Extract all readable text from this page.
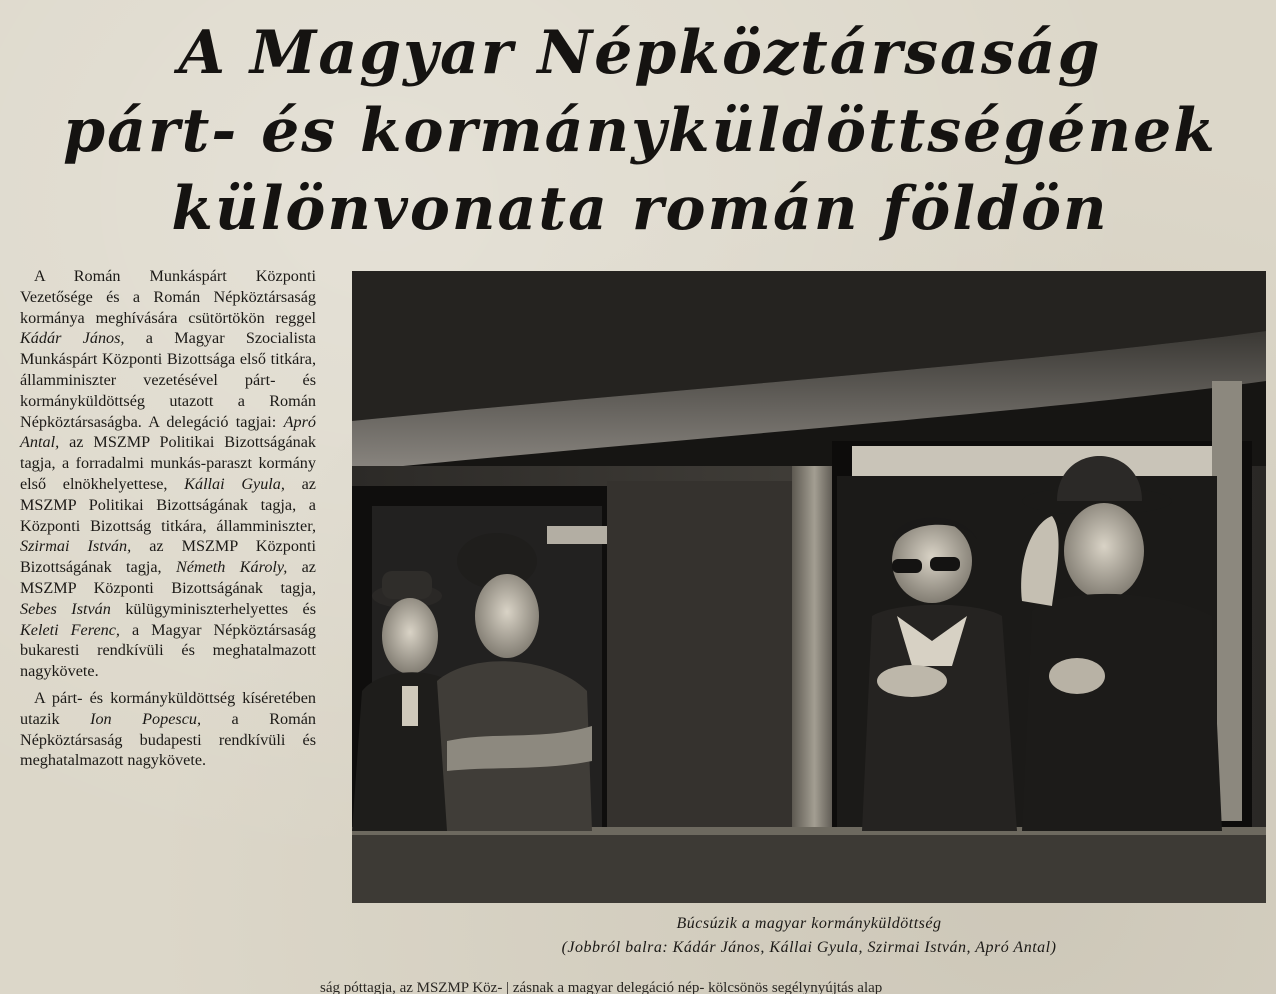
A Magyar Népköztársaság
párt- és kormányküldöttségének
különvonata román földön

A Román Munkáspárt Központi Vezetősége és a Román Népköztársaság kormánya meghívására csütörtökön reggel Kádár János, a Magyar Szocialista Munkáspárt Központi Bizottsága első titkára, államminiszter vezetésével párt- és kormányküldöttség utazott a Román Népköztársaságba. A delegáció tagjai: Apró Antal, az MSZMP Politikai Bizottságának tagja, a forradalmi munkás-paraszt kormány első elnökhelyettese, Kállai Gyula, az MSZMP Politikai Bizottságának tagja, a Központi Bizottság titkára, államminiszter, Szirmai István, az MSZMP Központi Bizottságának tagja, Németh Károly, az MSZMP Központi Bizottságának tagja, Sebes István külügyminiszterhelyettes és Keleti Ferenc, a Magyar Népköztársaság bukaresti rendkívüli és meghatalmazott nagykövete.

A párt- és kormányküldöttség kíséretében utazik Ion Popescu, a Román Népköztársaság budapesti rendkívüli és meghatalmazott nagykövete.

Búcsúzik a magyar kormányküldöttség
(Jobbról balra: Kádár János, Kállai Gyula, Szirmai István, Apró Antal)
ság póttagja, az MSZMP Köz- | zásnak a magyar delegáció nép- kölcsönös segélynyújtás alap
